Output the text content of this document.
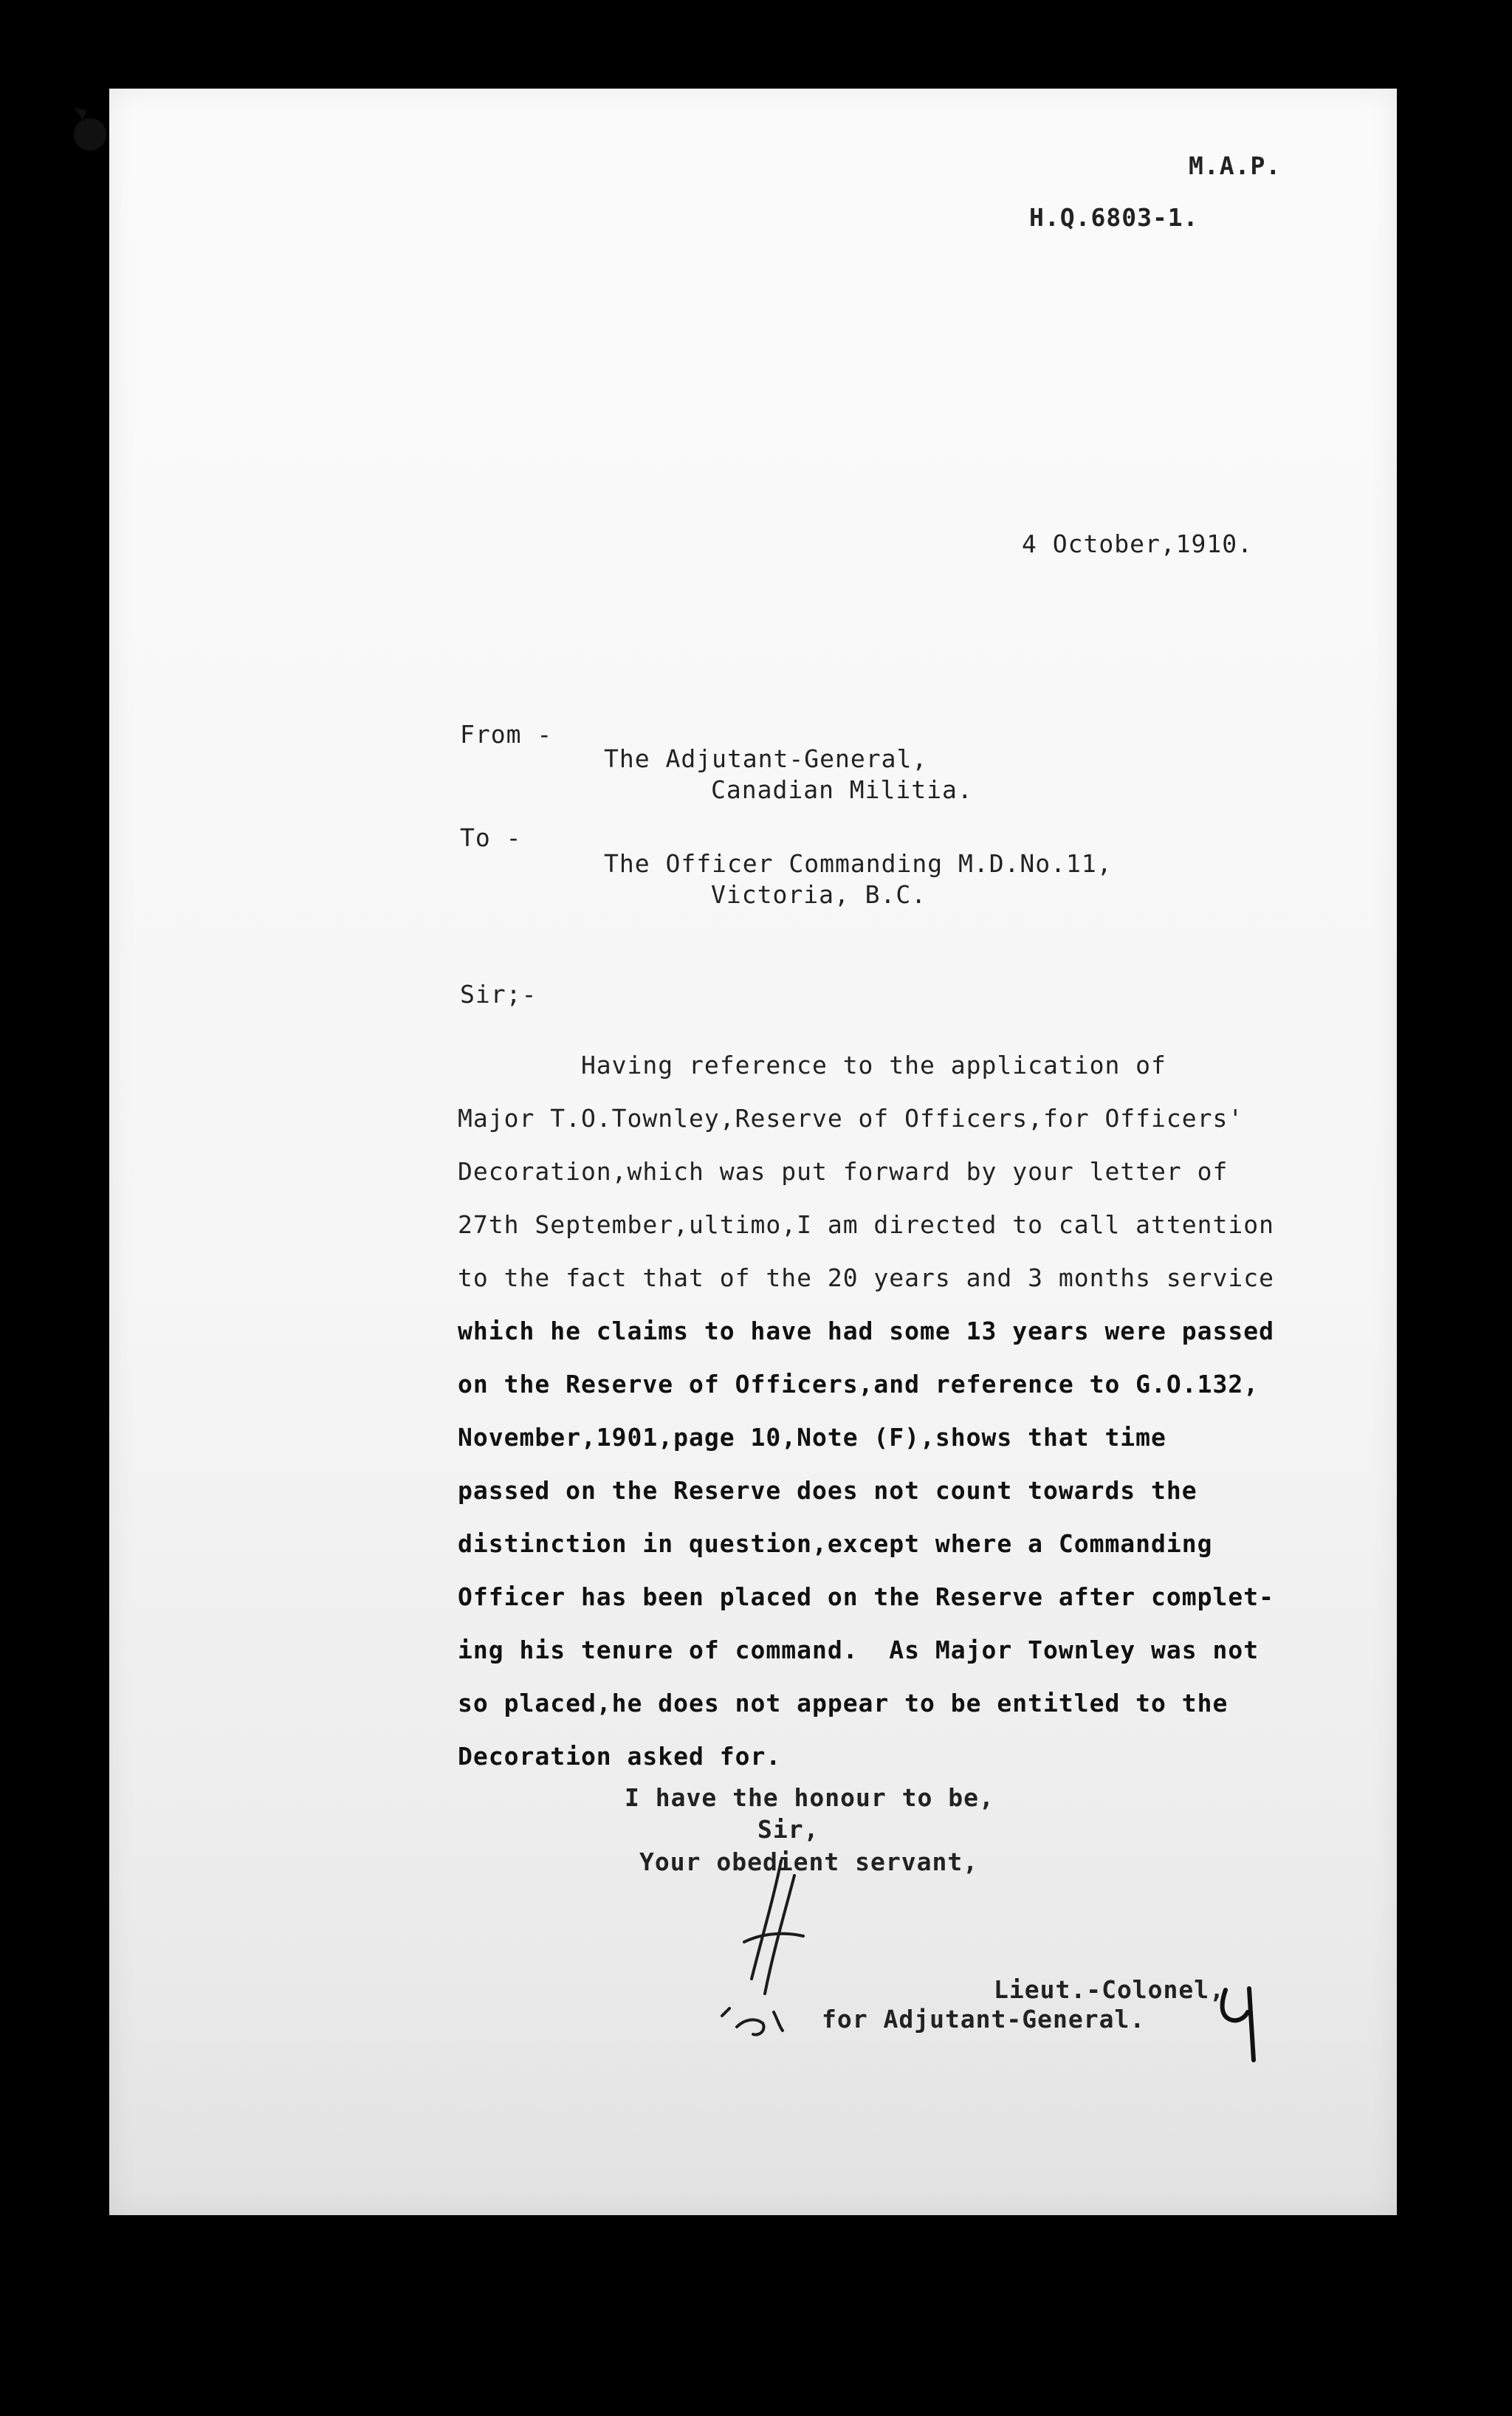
M.A.P.
H.Q.6803-1.
4 October,1910.
From -
The Adjutant-General,
Canadian Militia.
To -
The Officer Commanding M.D.No.11,
Victoria, B.C.
Sir;-
Having reference to the application of
Major T.O.Townley,Reserve of Officers,for Officers'
Decoration,which was put forward by your letter of
27th September,ultimo,I am directed to call attention
to the fact that of the 20 years and 3 months service
which he claims to have had some 13 years were passed
on the Reserve of Officers,and reference to G.O.132,
November,1901,page 10,Note (F),shows that time
passed on the Reserve does not count towards the
distinction in question,except where a Commanding
Officer has been placed on the Reserve after complet-
ing his tenure of command.  As Major Townley was not
so placed,he does not appear to be entitled to the
Decoration asked for.
I have the honour to be,
Sir,
Your obedient servant,
Lieut.-Colonel,
for Adjutant-General.
